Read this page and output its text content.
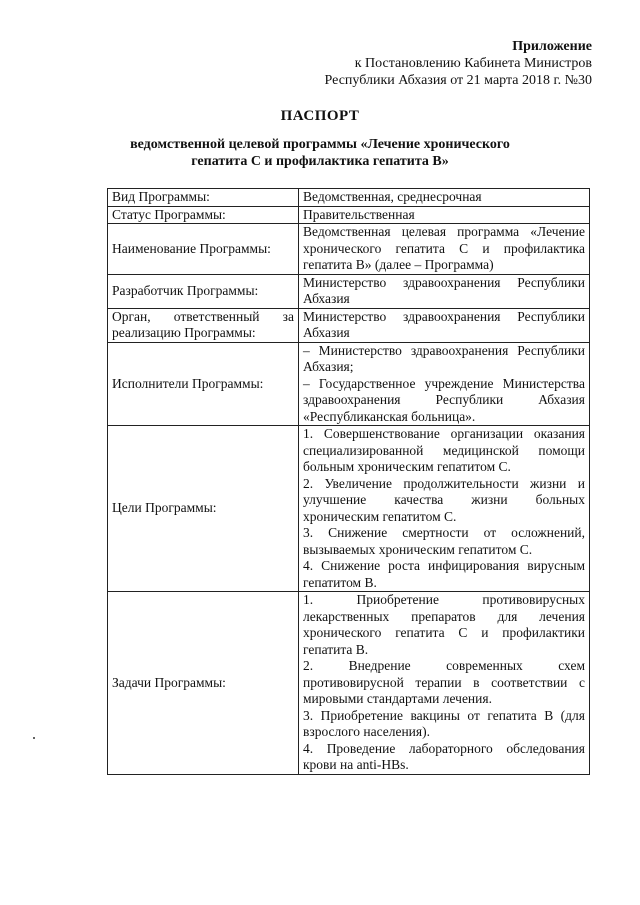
Приложение
к Постановлению Кабинета Министров
Республики Абхазия от 21 марта 2018 г. №30
ПАСПОРТ
ведомственной целевой программы «Лечение хронического
гепатита С и профилактика гепатита В»
Вид Программы:	Ведомственная, среднесрочная

Статус Программы:	Правительственная

Наименование Программы:	Ведомственная целевая программа «Лечение хронического гепатита С и профилактика гепатита В» (далее – Программа)

Разработчик Программы:	Министерство здравоохранения Республики Абхазия

Орган, ответственный за реализацию Программы:	Министерство здравоохранения Республики Абхазия

Исполнители Программы:	– Министерство здравоохранения Республики Абхазия;
– Государственное учреждение Министерства здравоохранения Республики Абхазия «Республиканская больница».

Цели Программы:	1. Совершенствование организации оказания специализированной медицинской помощи больным хроническим гепатитом С.
2. Увеличение продолжительности жизни и улучшение качества жизни больных хроническим гепатитом С.
3. Снижение смертности от осложнений, вызываемых хроническим гепатитом С.
4. Снижение роста инфицирования вирусным гепатитом В.

Задачи Программы:	1. Приобретение противовирусных лекарственных препаратов для лечения хронического гепатита С и профилактики гепатита В.
2. Внедрение современных схем противовирусной терапии в соответствии с мировыми стандартами лечения.
3. Приобретение вакцины от гепатита В (для взрослого населения).
4. Проведение лабораторного обследования крови на anti-HBs.
